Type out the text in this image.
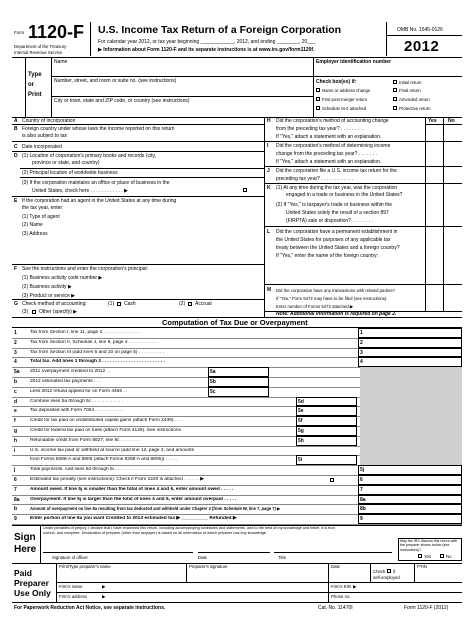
Form 1120-F
Department of the Treasury
Internal Revenue Service
U.S. Income Tax Return of a Foreign Corporation
For calendar year 2012, or tax year beginning ____________, 2012, and ending ________, 20___
▶ Information about Form 1120-F and its separate instructions is at www.irs.gov/form1120f.
OMB No. 1545-0126
2012
Type
or
Print
Name
Number, street, and room or suite no. (see instructions)
City or town, state and ZIP code, or country (see instructions)
Employer identification number
Check box(es) if:	Initial return
Name or address change	Final return
First post-merger return	Amended return
Schedule M-3 attached	Protective return
A Country of incorporation
B Foreign country under whose laws the income reported on this return
is also subject to tax
C Date incorporated
D (1) Location of corporation's primary books and records (city,
province or state, and country)
(2) Principal location of worldwide business
(3) If the corporation maintains an office or place of business in the
United States, check here . . . . . . . . . . . . ▶
E If the corporation had an agent in the United States at any time during
the tax year, enter:
(1) Type of agent
(2) Name
(3) Address
F See the instructions and enter the corporation's principal:
(1) Business activity code number ▶
(2) Business activity ▶
(3) Product or service ▶
G Check method of accounting:	(1) Cash	(2) Accrual
(3) Other (specify) ▶
Yes No
H Did the corporation's method of accounting change
from the preceding tax year? . . . . . . . . .
If "Yes," attach a statement with an explanation.
I Did the corporation's method of determining income
change from the preceding tax year? . . . . . . .
If "Yes," attach a statement with an explanation.
J Did the corporation file a U.S. income tax return for the
preceding tax year? . . . . . . . . . . . .
K (1) At any time during the tax year, was the corporation
engaged in a trade or business in the United States?
(2) If "Yes," is taxpayer's trade or business within the
United States solely the result of a section 897
(FIRPTA) sale or disposition? . . . . . . . .
L Did the corporation have a permanent establishment in
the United States for purposes of any applicable tax
treaty between the United States and a foreign country?
If "Yes," enter the name of the foreign country:
M Did the corporation have any transactions with related parties?
If "Yes," Form 5472 may have to be filed (see instructions).
Enter number of Forms 5472 attached ▶
Note: Additional information is required on page 2.
Computation of Tax Due or Overpayment
1	Tax from Section I, line 11, page 2. . . . . . . . . . . . . . .	1
2	Tax from Section II, Schedule J, line 9, page 4 . . . . . . . . . . .	2
3	Tax from Section III (add lines 6 and 10 on page 5) . . . . . . . . . .	3
4	Total tax. Add lines 1 through 3 . . . . . . . . . . . . . . . . . . . . . . . .	4
5a 2011 overpayment credited to 2012 . .	5a
b	2012 estimated tax payments . . .	5b
c	Less 2012 refund applied for on Form 4466 . .	5c
d	Combine lines 5a through 5c . . . . . . . . . . . .	5d
e	Tax deposited with Form 7004 . . . . . . . . . . .	5e
f	Credit for tax paid on undistributed capital gains (attach Form 2439). . . .	5f
g	Credit for federal tax paid on fuels (attach Form 4136). See instructions	5g
h	Refundable credit from Form 8827, line 8c . . . . . . . .	5h
i	U.S. income tax paid or withheld at source (add line 12, page 2, and amounts
from Forms 8288-A and 8805 (attach Forms 8288-A and 8805)) . . . . .	5i
j	Total payments. Add lines 5d through 5i . . . . . . . . . . . . . . . . . . . . .	5j
6	Estimated tax penalty (see instructions). Check if Form 2220 is attached . . . . . . ▶	6
7	Amount owed. If line 5j is smaller than the total of lines 4 and 6, enter amount owed . . . . .	7
8a Overpayment. If line 5j is larger than the total of lines 4 and 6, enter amount overpaid . . . . .	8a
b	Amount of overpayment on line 8a resulting from tax deducted and withheld under Chapter 3 (from Schedule W, line 7, page 7) ▶	8b
9	Enter portion of line 8a you want Credited to 2013 estimated tax ▶ __________ Refunded ▶	9
Sign
Here
Under penalties of perjury, I declare that I have examined this return, including accompanying schedules and statements, and to the best of my knowledge and belief, it is true,
correct, and complete. Declaration of preparer (other than taxpayer) is based on all information of which preparer has any knowledge.
Signature of officer	Date	Title
May the IRS discuss this return with the preparer shown below (see instructions)?
Yes	No
Paid
Preparer
Use Only
Print/Type preparer's name	Preparer's signature	Date
Check if
self-employed
PTIN
Firm's name	▶	Firm's EIN ▶
Firm's address	▶	Phone no.
For Paperwork Reduction Act Notice, see separate instructions.	Cat. No. 11470I	Form 1120-F (2012)
